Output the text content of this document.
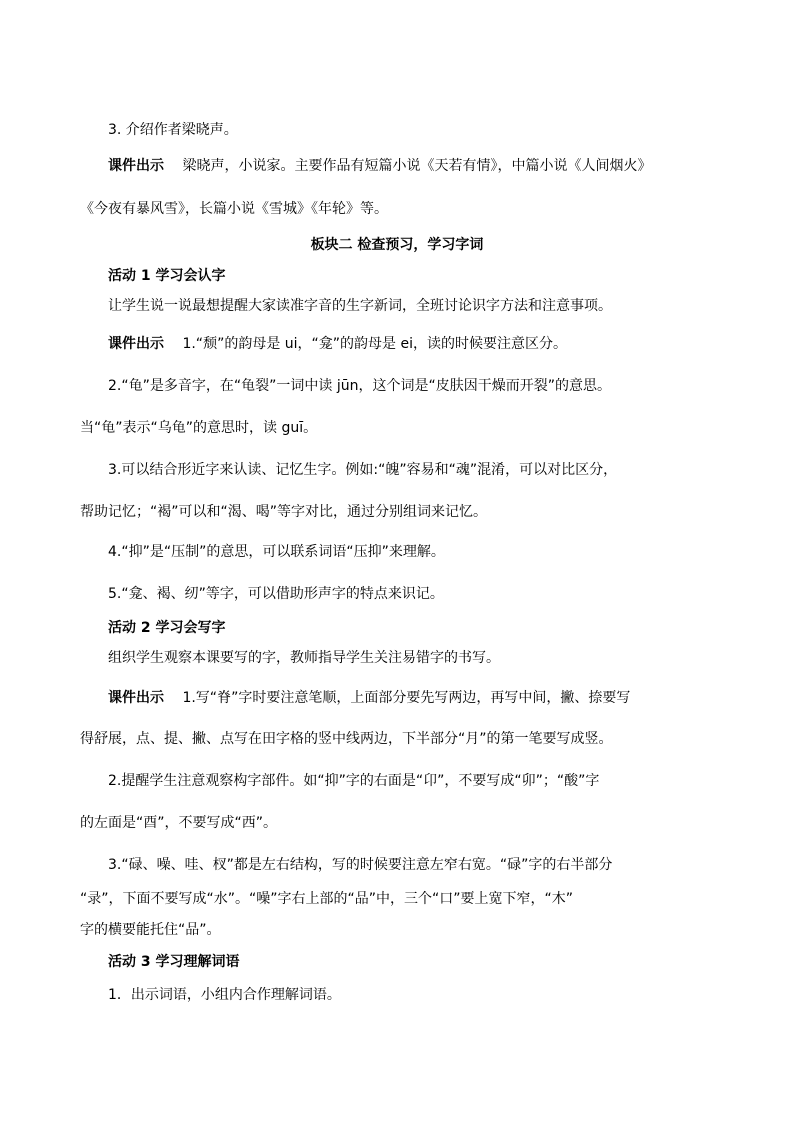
3. 介绍作者梁晓声。
课件出示 梁晓声，小说家。主要作品有短篇小说《天若有情》，中篇小说《人间烟火》
《今夜有暴风雪》，长篇小说《雪城》《年轮》等。
板块二 检查预习，学习字词
活动 1 学习会认字
让学生说一说最想提醒大家读准字音的生字新词，全班讨论识字方法和注意事项。
课件出示 1.“颓”的韵母是 ui，“龛”的韵母是 ei，读的时候要注意区分。
2.“龟”是多音字，在“龟裂”一词中读 jūn，这个词是“皮肤因干燥而开裂”的意思。
当“龟”表示“乌龟”的意思时，读 guī。
3.可以结合形近字来认读、记忆生字。例如:“魄”容易和“魂”混淆，可以对比区分，
帮助记忆；“褐”可以和“渴、喝”等字对比，通过分别组词来记忆。
4.“抑”是“压制”的意思，可以联系词语“压抑”来理解。
5.“龛、褐、纫”等字，可以借助形声字的特点来识记。
活动 2 学习会写字
组织学生观察本课要写的字，教师指导学生关注易错字的书写。
课件出示 1.写“脊”字时要注意笔顺，上面部分要先写两边，再写中间，撇、捺要写
得舒展，点、提、撇、点写在田字格的竖中线两边，下半部分“月”的第一笔要写成竖。
2.提醒学生注意观察构字部件。如“抑”字的右面是“卬”，不要写成“卯”；“酸”字
的左面是“酉”，不要写成“西”。
3.“碌、噪、哇、杈”都是左右结构，写的时候要注意左窄右宽。“碌”字的右半部分
“录”，下面不要写成“水”。“噪”字右上部的“品”中，三个“口”要上宽下窄，“木”
字的横要能托住“品”。
活动 3 学习理解词语
1．出示词语，小组内合作理解词语。
